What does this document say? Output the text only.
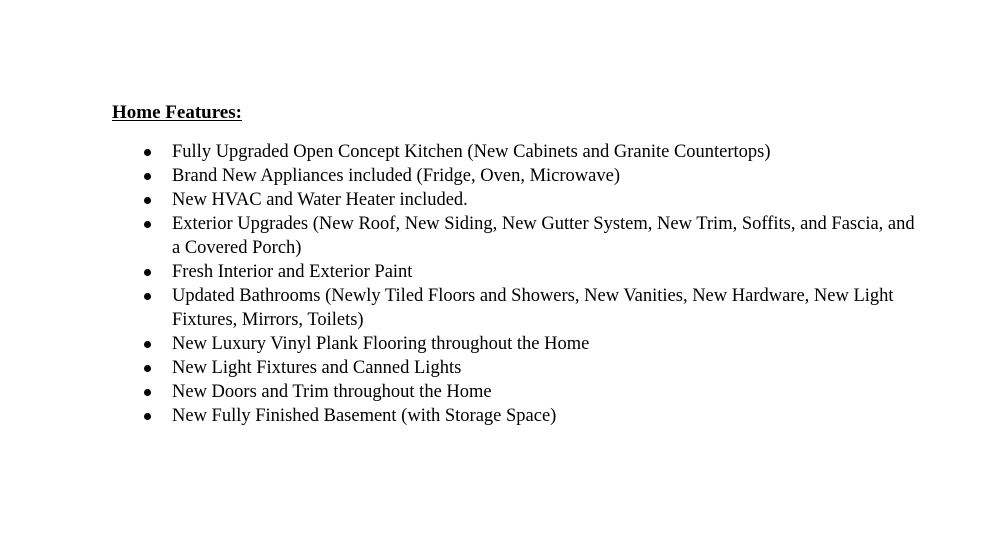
Home Features:
Fully Upgraded Open Concept Kitchen (New Cabinets and Granite Countertops)
Brand New Appliances included (Fridge, Oven, Microwave)
New HVAC and Water Heater included.
Exterior Upgrades (New Roof, New Siding, New Gutter System, New Trim, Soffits, and Fascia, and a Covered Porch)
Fresh Interior and Exterior Paint
Updated Bathrooms (Newly Tiled Floors and Showers, New Vanities, New Hardware, New Light Fixtures, Mirrors, Toilets)
New Luxury Vinyl Plank Flooring throughout the Home
New Light Fixtures and Canned Lights
New Doors and Trim throughout the Home
New Fully Finished Basement (with Storage Space)
